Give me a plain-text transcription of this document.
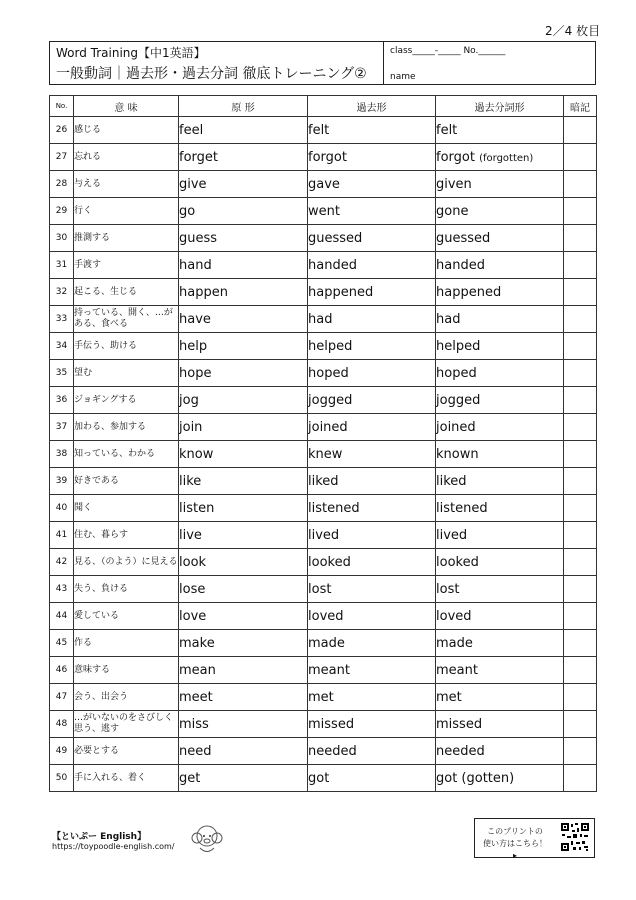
2／4 枚目
Word Training【中1英語】
一般動詞｜過去形・過去分詞 徹底トレーニング②
class_____-_____ No.______
name
No.	意 味	原 形	過去形	過去分詞形	暗記
26	感じる	feel	felt	felt	
27	忘れる	forget	forgot	forgot (forgotten)	
28	与える	give	gave	given	
29	行く	go	went	gone	
30	推測する	guess	guessed	guessed	
31	手渡す	hand	handed	handed	
32	起こる、生じる	happen	happened	happened	
33	持っている、開く、…がある、食べる	have	had	had	
34	手伝う、助ける	help	helped	helped	
35	望む	hope	hoped	hoped	
36	ジョギングする	jog	jogged	jogged	
37	加わる、参加する	join	joined	joined	
38	知っている、わかる	know	knew	known	
39	好きである	like	liked	liked	
40	聞く	listen	listened	listened	
41	住む、暮らす	live	lived	lived	
42	見る、（のよう）に見える	look	looked	looked	
43	失う、負ける	lose	lost	lost	
44	愛している	love	loved	loved	
45	作る	make	made	made	
46	意味する	mean	meant	meant	
47	会う、出会う	meet	met	met	
48	…がいないのをさびしく思う、逃す	miss	missed	missed	
49	必要とする	need	needed	needed	
50	手に入れる、着く	get	got	got (gotten)	
【といぷー English】
https://toypoodle-english.com/
このプリントの
使い方はこちら！ ▸
